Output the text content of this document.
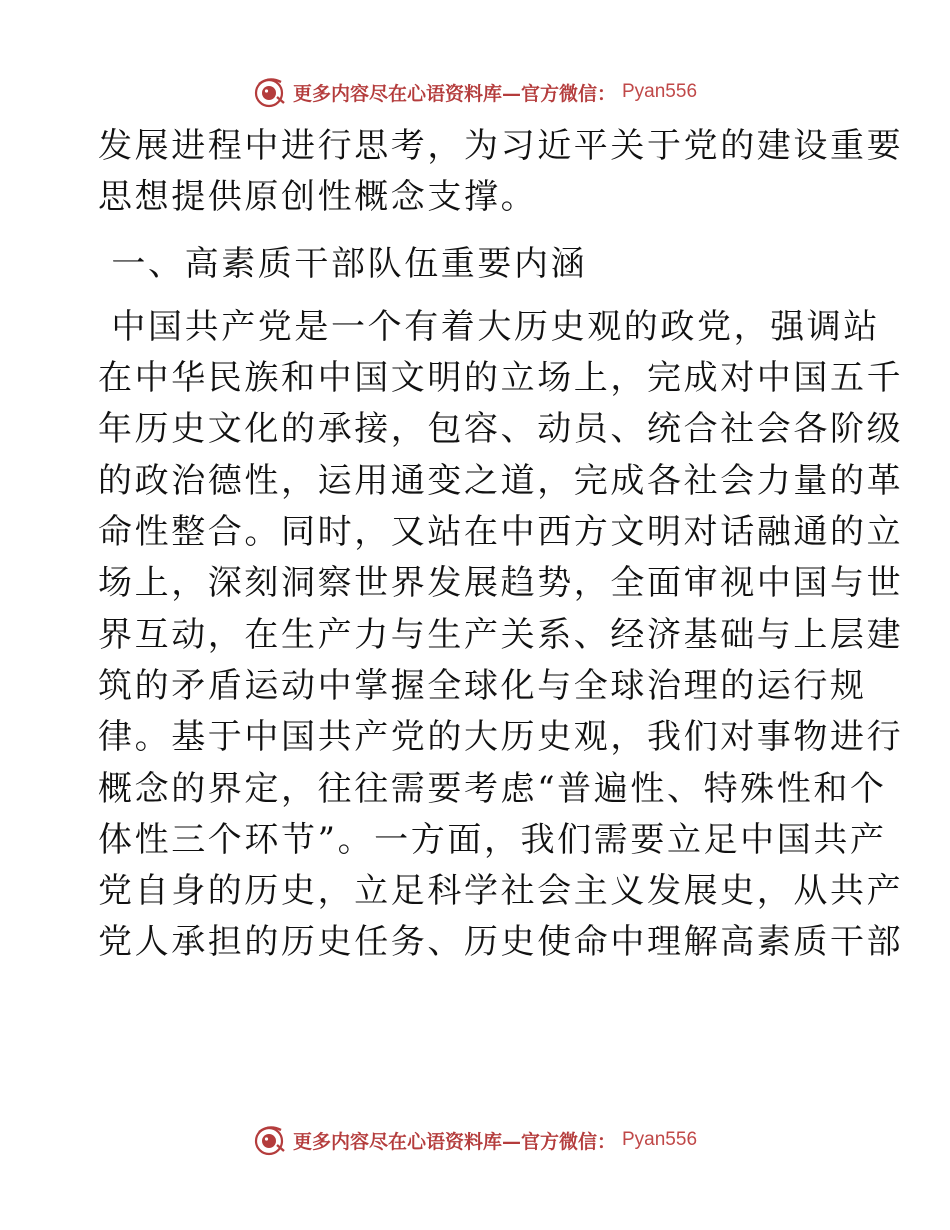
更多内容尽在心语资料库—官方微信： Pyan556
发展进程中进行思考，为习近平关于党的建设重要
思想提供原创性概念支撑。
一、高素质干部队伍重要内涵
中国共产党是一个有着大历史观的政党，强调站
在中华民族和中国文明的立场上，完成对中国五千
年历史文化的承接，包容、动员、统合社会各阶级
的政治德性，运用通变之道，完成各社会力量的革
命性整合。同时，又站在中西方文明对话融通的立
场上，深刻洞察世界发展趋势，全面审视中国与世
界互动，在生产力与生产关系、经济基础与上层建
筑的矛盾运动中掌握全球化与全球治理的运行规
律。基于中国共产党的大历史观，我们对事物进行
概念的界定，往往需要考虑“普遍性、特殊性和个
体性三个环节”。一方面，我们需要立足中国共产
党自身的历史，立足科学社会主义发展史，从共产
党人承担的历史任务、历史使命中理解高素质干部
更多内容尽在心语资料库—官方微信： Pyan556
